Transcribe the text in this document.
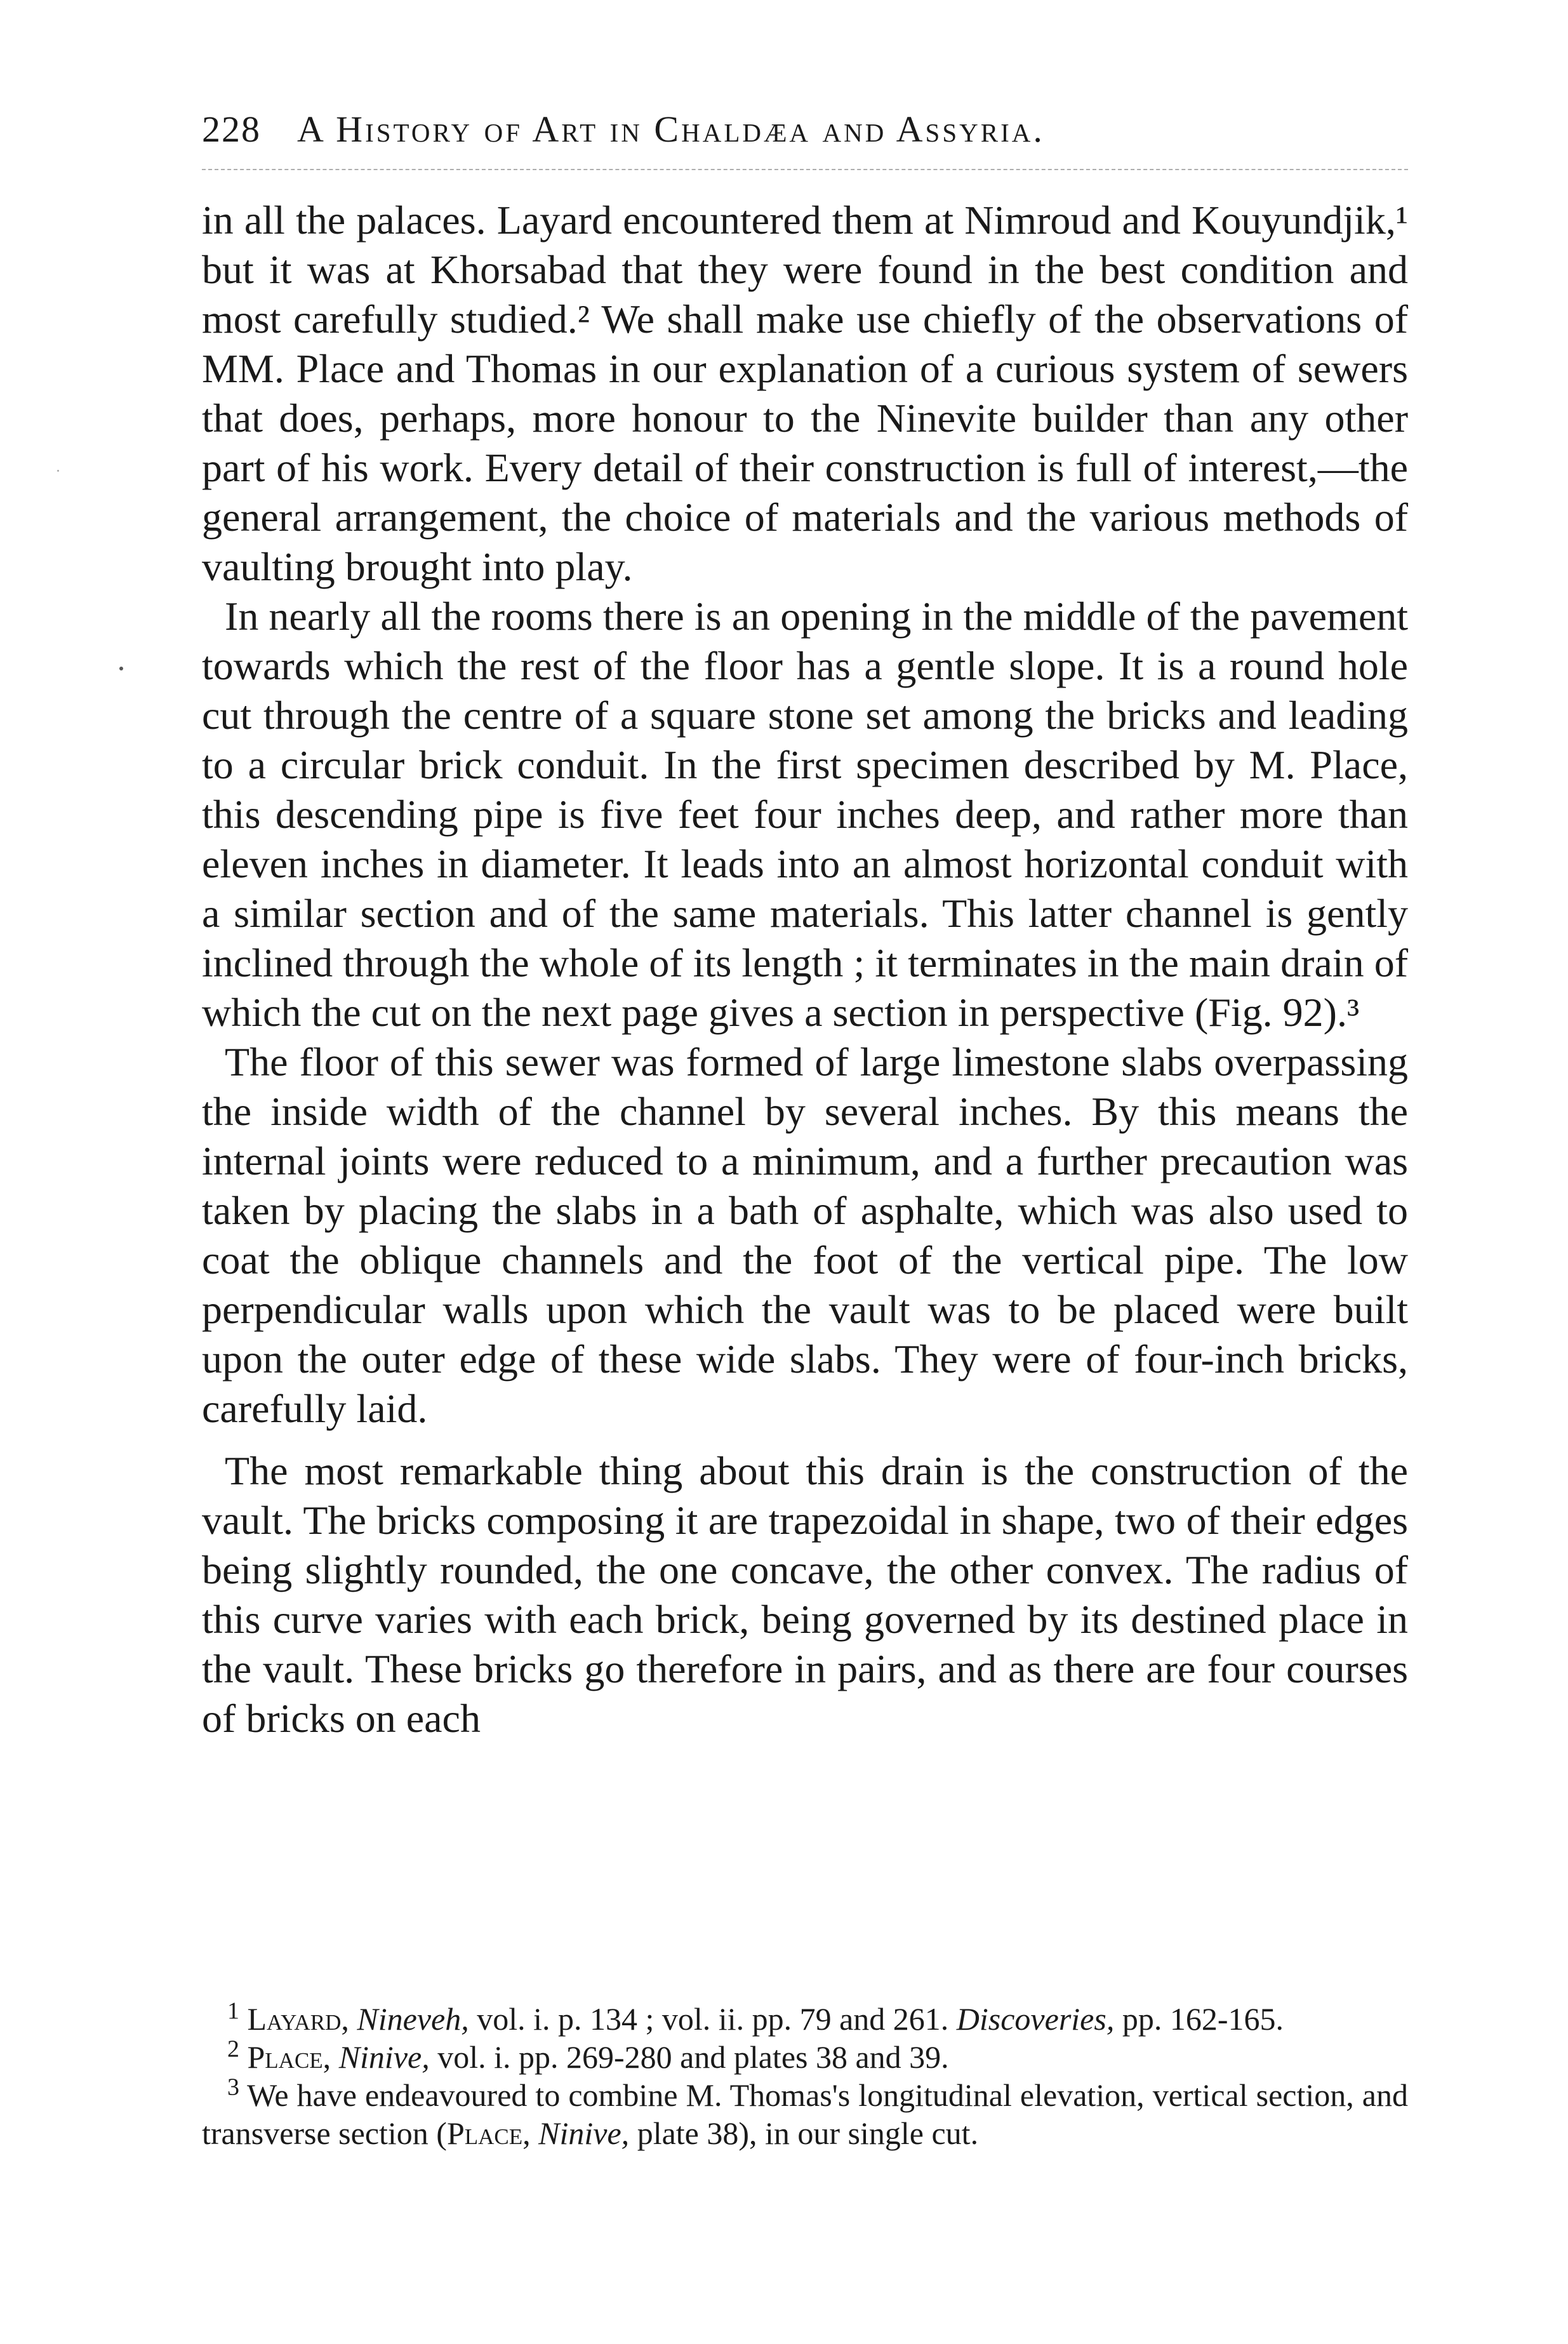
228 A History of Art in Chaldæa and Assyria.

in all the palaces. Layard encountered them at Nimroud and Kouyundjik,¹ but it was at Khorsabad that they were found in the best condition and most carefully studied.² We shall make use chiefly of the observations of MM. Place and Thomas in our explanation of a curious system of sewers that does, perhaps, more honour to the Ninevite builder than any other part of his work. Every detail of their construction is full of interest,—the general arrangement, the choice of materials and the various methods of vaulting brought into play.

In nearly all the rooms there is an opening in the middle of the pavement towards which the rest of the floor has a gentle slope. It is a round hole cut through the centre of a square stone set among the bricks and leading to a circular brick conduit. In the first specimen described by M. Place, this descending pipe is five feet four inches deep, and rather more than eleven inches in diameter. It leads into an almost horizontal conduit with a similar section and of the same materials. This latter channel is gently inclined through the whole of its length ; it terminates in the main drain of which the cut on the next page gives a section in perspective (Fig. 92).³

The floor of this sewer was formed of large limestone slabs overpassing the inside width of the channel by several inches. By this means the internal joints were reduced to a minimum, and a further precaution was taken by placing the slabs in a bath of asphalte, which was also used to coat the oblique channels and the foot of the vertical pipe. The low perpendicular walls upon which the vault was to be placed were built upon the outer edge of these wide slabs. They were of four-inch bricks, carefully laid.

The most remarkable thing about this drain is the construction of the vault. The bricks composing it are trapezoidal in shape, two of their edges being slightly rounded, the one concave, the other convex. The radius of this curve varies with each brick, being governed by its destined place in the vault. These bricks go therefore in pairs, and as there are four courses of bricks on each

$^1$ Layard, Nineveh, vol. i. p. 134 ; vol. ii. pp. 79 and 261. Discoveries, pp. 162-165.

$^2$ Place, Ninive, vol. i. pp. 269-280 and plates 38 and 39.

$^3$ We have endeavoured to combine M. Thomas's longitudinal elevation, vertical section, and transverse section (Place, Ninive, plate 38), in our single cut.
